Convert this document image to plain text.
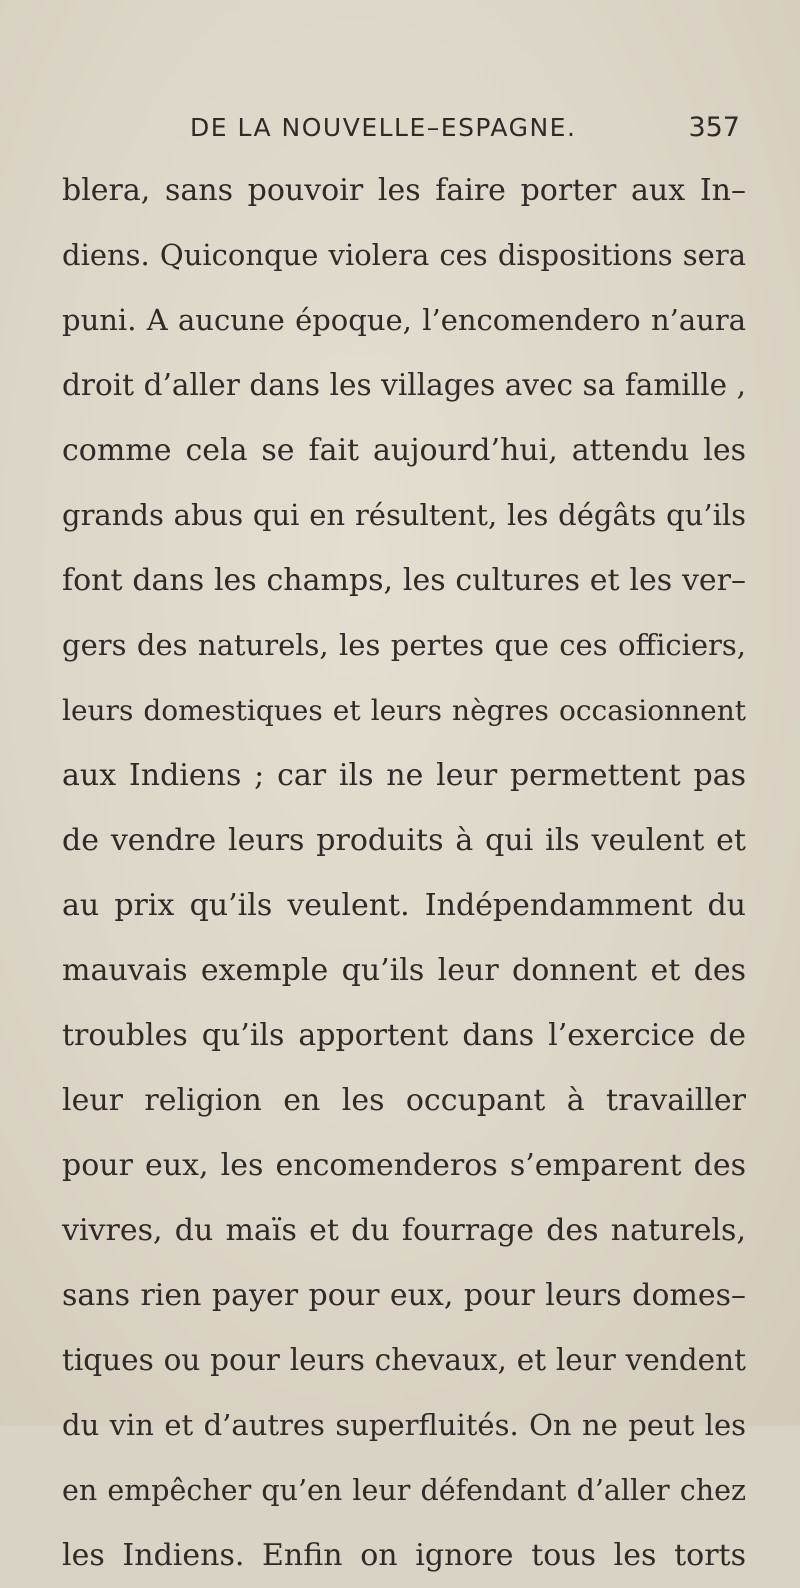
DE LA NOUVELLE–ESPAGNE.	357
blera, sans pouvoir les faire porter aux In–
diens. Quiconque violera ces dispositions sera
puni. A aucune époque, l’encomendero n’aura
droit d’aller dans les villages avec sa famille ,
comme cela se fait aujourd’hui, attendu les
grands abus qui en résultent, les dégâts qu’ils
font dans les champs, les cultures et les ver–
gers des naturels, les pertes que ces officiers,
leurs domestiques et leurs nègres occasionnent
aux Indiens ; car ils ne leur permettent pas
de vendre leurs produits à qui ils veulent et
au prix qu’ils veulent. Indépendamment du
mauvais exemple qu’ils leur donnent et des
troubles qu’ils apportent dans l’exercice de
leur religion en les occupant à travailler
pour eux, les encomenderos s’emparent des
vivres, du maïs et du fourrage des naturels,
sans rien payer pour eux, pour leurs domes–
tiques ou pour leurs chevaux, et leur vendent
du vin et d’autres superfluités. On ne peut les
en empêcher qu’en leur défendant d’aller chez
les Indiens. Enfin on ignore tous les torts
